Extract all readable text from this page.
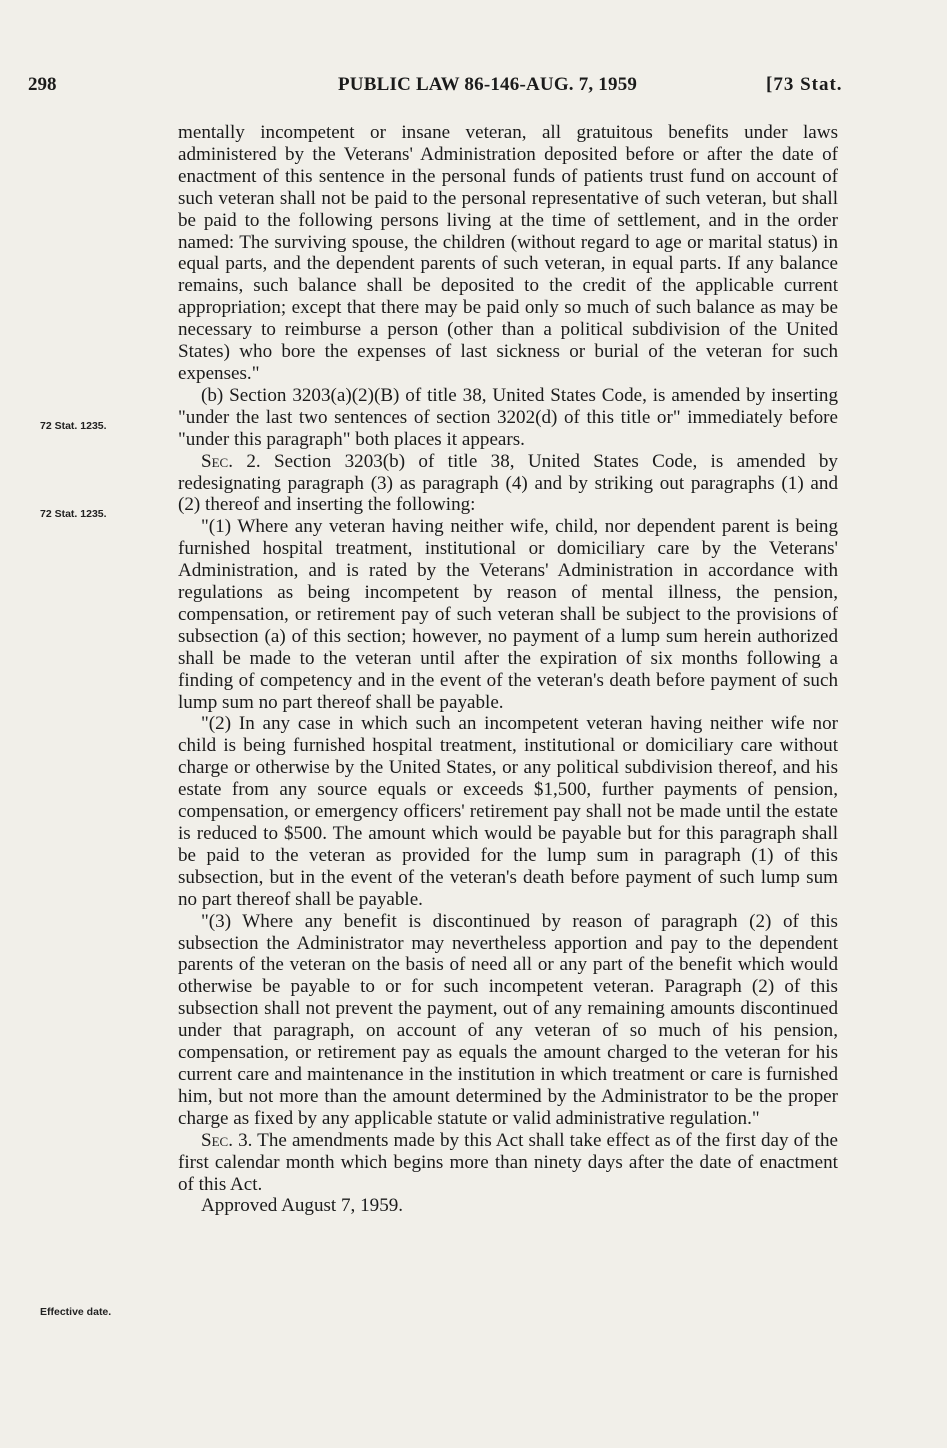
298	PUBLIC LAW 86-146-AUG. 7, 1959	[73 Stat.
72 Stat. 1235.
72 Stat. 1235.
Effective date.

mentally incompetent or insane veteran, all gratuitous benefits under laws administered by the Veterans' Administration deposited before or after the date of enactment of this sentence in the personal funds of patients trust fund on account of such veteran shall not be paid to the personal representative of such veteran, but shall be paid to the following persons living at the time of settlement, and in the order named: The surviving spouse, the children (without regard to age or marital status) in equal parts, and the dependent parents of such veteran, in equal parts. If any balance remains, such balance shall be deposited to the credit of the applicable current appropriation; except that there may be paid only so much of such balance as may be necessary to reimburse a person (other than a political subdivision of the United States) who bore the expenses of last sickness or burial of the veteran for such expenses."

(b) Section 3203(a)(2)(B) of title 38, United States Code, is amended by inserting "under the last two sentences of section 3202(d) of this title or" immediately before "under this paragraph" both places it appears.

Sec. 2. Section 3203(b) of title 38, United States Code, is amended by redesignating paragraph (3) as paragraph (4) and by striking out paragraphs (1) and (2) thereof and inserting the following:

"(1) Where any veteran having neither wife, child, nor dependent parent is being furnished hospital treatment, institutional or domiciliary care by the Veterans' Administration, and is rated by the Veterans' Administration in accordance with regulations as being incompetent by reason of mental illness, the pension, compensation, or retirement pay of such veteran shall be subject to the provisions of subsection (a) of this section; however, no payment of a lump sum herein authorized shall be made to the veteran until after the expiration of six months following a finding of competency and in the event of the veteran's death before payment of such lump sum no part thereof shall be payable.

"(2) In any case in which such an incompetent veteran having neither wife nor child is being furnished hospital treatment, institutional or domiciliary care without charge or otherwise by the United States, or any political subdivision thereof, and his estate from any source equals or exceeds $1,500, further payments of pension, compensation, or emergency officers' retirement pay shall not be made until the estate is reduced to $500. The amount which would be payable but for this paragraph shall be paid to the veteran as provided for the lump sum in paragraph (1) of this subsection, but in the event of the veteran's death before payment of such lump sum no part thereof shall be payable.

"(3) Where any benefit is discontinued by reason of paragraph (2) of this subsection the Administrator may nevertheless apportion and pay to the dependent parents of the veteran on the basis of need all or any part of the benefit which would otherwise be payable to or for such incompetent veteran. Paragraph (2) of this subsection shall not prevent the payment, out of any remaining amounts discontinued under that paragraph, on account of any veteran of so much of his pension, compensation, or retirement pay as equals the amount charged to the veteran for his current care and maintenance in the institution in which treatment or care is furnished him, but not more than the amount determined by the Administrator to be the proper charge as fixed by any applicable statute or valid administrative regulation."

Sec. 3. The amendments made by this Act shall take effect as of the first day of the first calendar month which begins more than ninety days after the date of enactment of this Act.

Approved August 7, 1959.
